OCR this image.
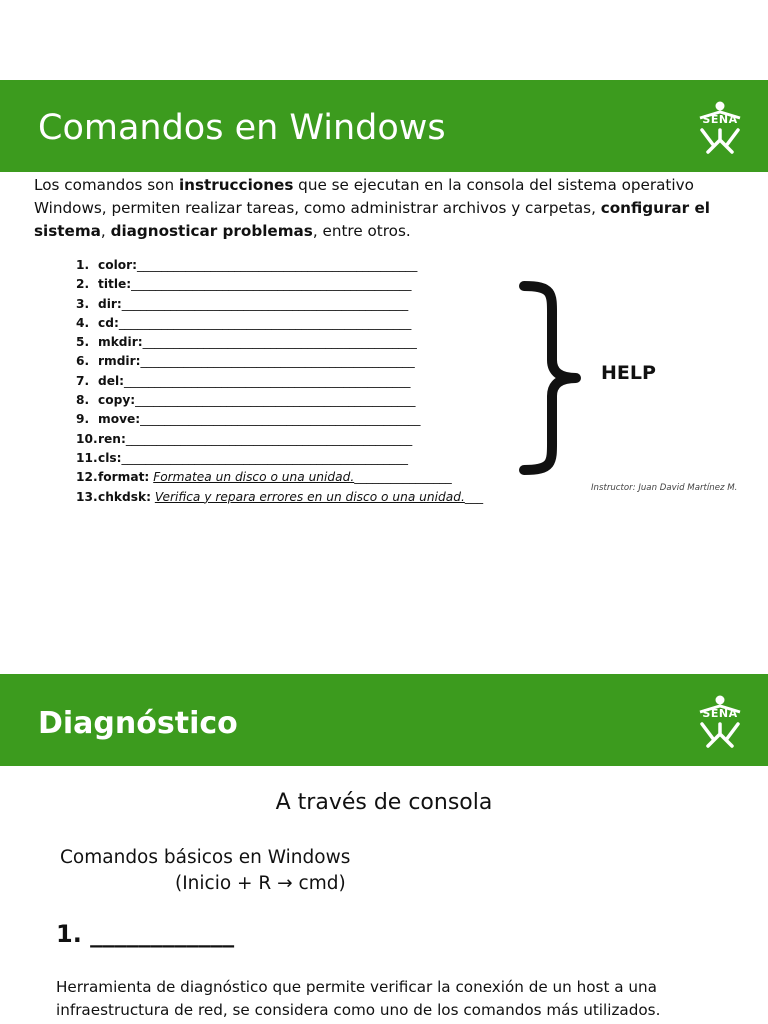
Comandos en Windows	SENA
Los comandos son instrucciones que se ejecutan en la consola del sistema operativo Windows, permiten realizar tareas, como administrar archivos y carpetas, configurar el sistema, diagnosticar problemas, entre otros.
1. color:______________________________________________
2. title:______________________________________________
3. dir:_______________________________________________
4. cd:________________________________________________
5. mkdir:_____________________________________________
6. rmdir:_____________________________________________
7. del:_______________________________________________
8. copy:______________________________________________
9. move:______________________________________________
10.ren:_______________________________________________
11.cls:_______________________________________________
12.format: Formatea un disco o una unidad.________________
13.chkdsk: Verifica y repara errores en un disco o una unidad.___
HELP
Instructor: Juan David Martínez M.
Diagnóstico	SENA
A través de consola
Comandos básicos en Windows
(Inicio + R → cmd)
1. ____________
Herramienta de diagnóstico que permite verificar la conexión de un host a una infraestructura de red, se considera como uno de los comandos más utilizados.
